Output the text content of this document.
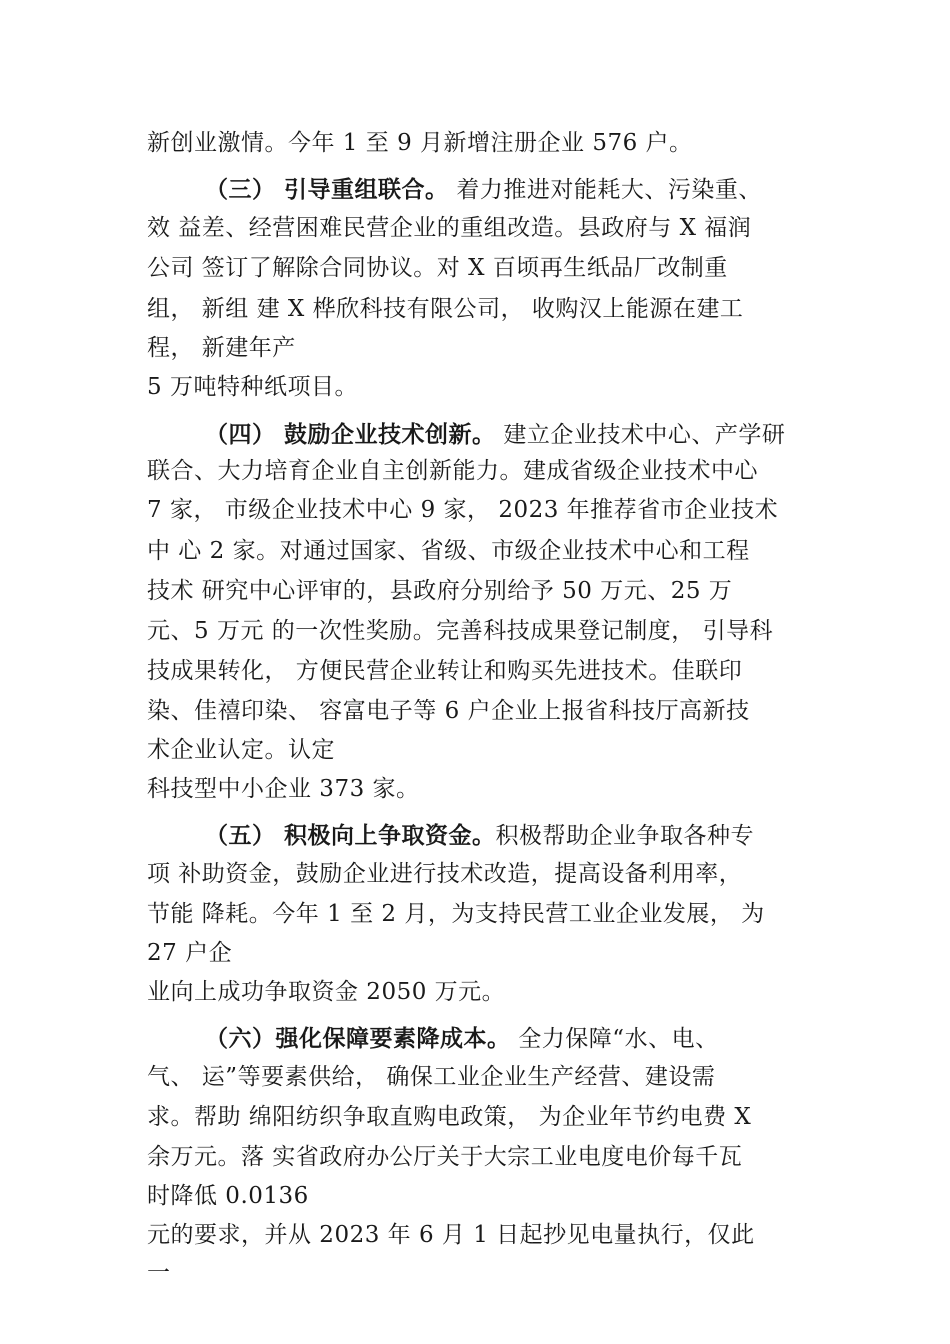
新创业激情。今年 1 至 9 月新增注册企业 576 户。
（三） 引导重组联合。 着力推进对能耗大、污染重、
效 益差、经营困难民营企业的重组改造。县政府与 X 福润
公司 签订了解除合同协议。对 X 百顷再生纸品厂改制重
组， 新组 建 X 桦欣科技有限公司， 收购汉上能源在建工
程， 新建年产
5 万吨特种纸项目。
（四） 鼓励企业技术创新。 建立企业技术中心、产学研
联合、大力培育企业自主创新能力。建成省级企业技术中心
7 家， 市级企业技术中心 9 家， 2023 年推荐省市企业技术
中 心 2 家。对通过国家、省级、市级企业技术中心和工程
技术 研究中心评审的，县政府分别给予 50 万元、25 万
元、5 万元 的一次性奖励。完善科技成果登记制度， 引导科
技成果转化， 方便民营企业转让和购买先进技术。佳联印
染、佳禧印染、 容富电子等 6 户企业上报省科技厅高新技
术企业认定。认定
科技型中小企业 373 家。
（五） 积极向上争取资金。积极帮助企业争取各种专
项 补助资金，鼓励企业进行技术改造，提高设备利用率，
节能 降耗。今年 1 至 2 月，为支持民营工业企业发展， 为
27 户企
业向上成功争取资金 2050 万元。
（六）强化保障要素降成本。 全力保障“水、电、
气、 运”等要素供给， 确保工业企业生产经营、建设需
求。帮助 绵阳纺织争取直购电政策， 为企业年节约电费 X
余万元。落 实省政府办公厅关于大宗工业电度电价每千瓦
时降低 0.0136
元的要求，并从 2023 年 6 月 1 日起抄见电量执行，仅此
一
